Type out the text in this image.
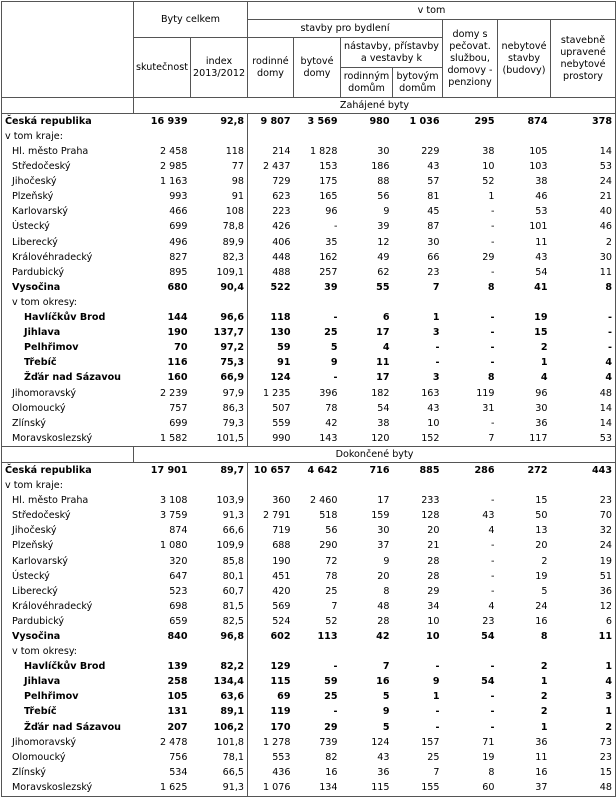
	Byty celkem		v tom						
			stavby pro bydlení				domy s pečovat. službou, domovy - penziony	nebytové stavby (budovy)	stavebně upravené nebytové prostory
	skutečnost	index 2013/2012	rodinné domy	bytové domy	nástavby, přístavby a vestavby k				
					rodinným domům	bytovým domům			
	Zahájené byty								
Česká republika	16 939	92,8	9 807	3 569	980	1 036	295	874	378
v tom kraje:									
Hl. město Praha	2 458	118	214	1 828	30	229	38	105	14
Středočeský	2 985	77	2 437	153	186	43	10	103	53
Jihočeský	1 163	98	729	175	88	57	52	38	24
Plzeňský	993	91	623	165	56	81	1	46	21
Karlovarský	466	108	223	96	9	45	-	53	40
Ústecký	699	78,8	426	-	39	87	-	101	46
Liberecký	496	89,9	406	35	12	30	-	11	2
Královéhradecký	827	82,3	448	162	49	66	29	43	30
Pardubický	895	109,1	488	257	62	23	-	54	11
Vysočina	680	90,4	522	39	55	7	8	41	8
v tom okresy:									
Havlíčkův Brod	144	96,6	118	-	6	1	-	19	-
Jihlava	190	137,7	130	25	17	3	-	15	-
Pelhřimov	70	97,2	59	5	4	-	-	2	-
Třebíč	116	75,3	91	9	11	-	-	1	4
Žďár nad Sázavou	160	66,9	124	-	17	3	8	4	4
Jihomoravský	2 239	97,9	1 235	396	182	163	119	96	48
Olomoucký	757	86,3	507	78	54	43	31	30	14
Zlínský	699	79,3	559	42	38	10	-	36	14
Moravskoslezský	1 582	101,5	990	143	120	152	7	117	53
	Dokončené byty								
Česká republika	17 901	89,7	10 657	4 642	716	885	286	272	443
v tom kraje:									
Hl. město Praha	3 108	103,9	360	2 460	17	233	-	15	23
Středočeský	3 759	91,3	2 791	518	159	128	43	50	70
Jihočeský	874	66,6	719	56	30	20	4	13	32
Plzeňský	1 080	109,9	688	290	37	21	-	20	24
Karlovarský	320	85,8	190	72	9	28	-	2	19
Ústecký	647	80,1	451	78	20	28	-	19	51
Liberecký	523	60,7	420	25	8	29	-	5	36
Královéhradecký	698	81,5	569	7	48	34	4	24	12
Pardubický	659	82,5	524	52	28	10	23	16	6
Vysočina	840	96,8	602	113	42	10	54	8	11
v tom okresy:									
Havlíčkův Brod	139	82,2	129	-	7	-	-	2	1
Jihlava	258	134,4	115	59	16	9	54	1	4
Pelhřimov	105	63,6	69	25	5	1	-	2	3
Třebíč	131	89,1	119	-	9	-	-	2	1
Žďár nad Sázavou	207	106,2	170	29	5	-	-	1	2
Jihomoravský	2 478	101,8	1 278	739	124	157	71	36	73
Olomoucký	756	78,1	553	82	43	25	19	11	23
Zlínský	534	66,5	436	16	36	7	8	16	15
Moravskoslezský	1 625	91,3	1 076	134	115	155	60	37	48
